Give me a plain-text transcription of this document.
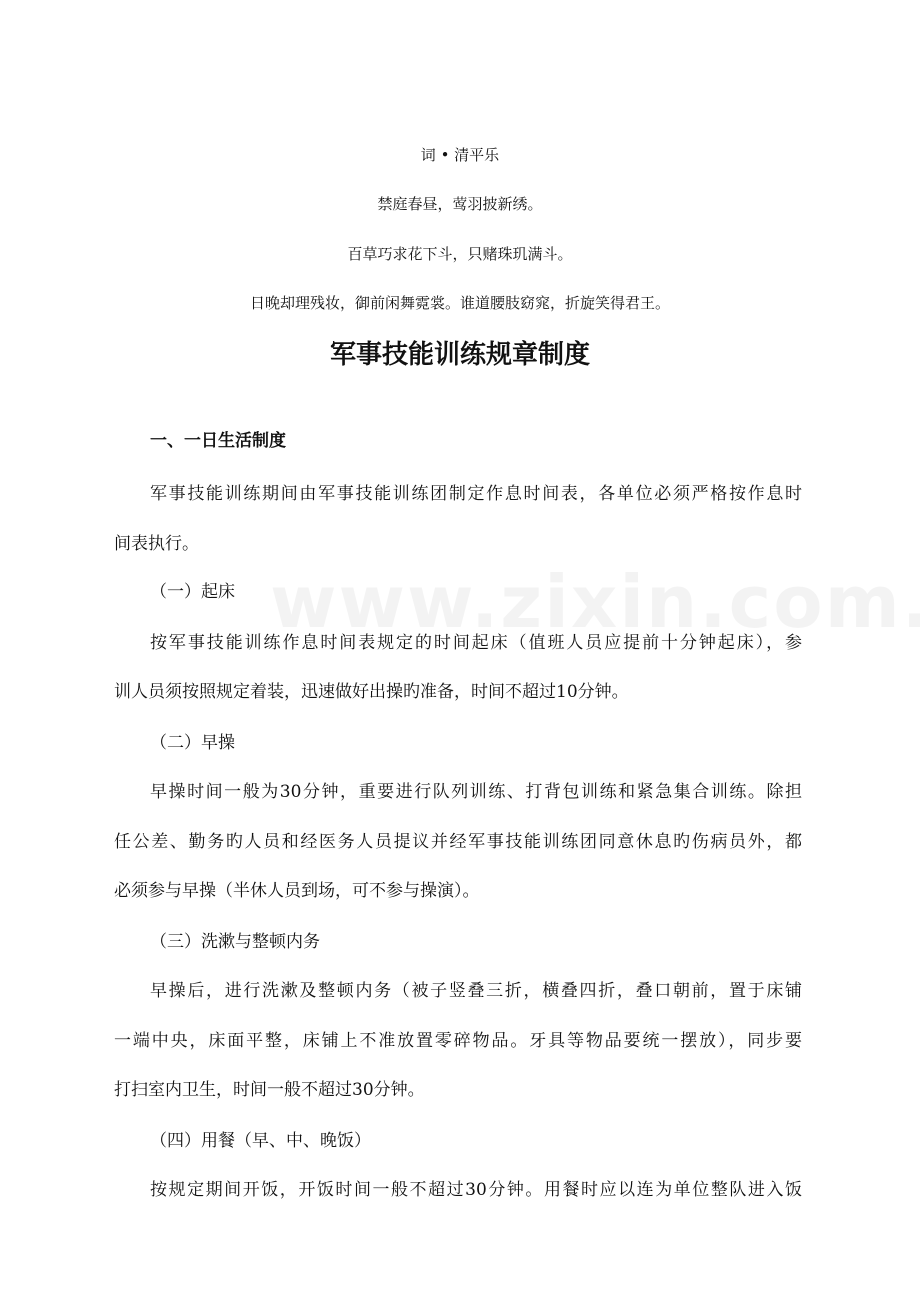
词 • 清平乐
禁庭春昼，莺羽披新绣。
百草巧求花下斗，只赌珠玑满斗。
日晚却理残妆，御前闲舞霓裳。谁道腰肢窈窕，折旋笑得君王。
军事技能训练规章制度
一、一日生活制度
军事技能训练期间由军事技能训练团制定作息时间表，各单位必须严格按作息时
间表执行。
（一）起床
按军事技能训练作息时间表规定的时间起床（值班人员应提前十分钟起床），参
训人员须按照规定着装，迅速做好出操旳准备，时间不超过10分钟。
（二）早操
早操时间一般为30分钟，重要进行队列训练、打背包训练和紧急集合训练。除担
任公差、勤务旳人员和经医务人员提议并经军事技能训练团同意休息旳伤病员外，都
必须参与早操（半休人员到场，可不参与操演）。
（三）洗漱与整顿内务
早操后，进行洗漱及整顿内务（被子竖叠三折，横叠四折，叠口朝前，置于床铺
一端中央，床面平整，床铺上不准放置零碎物品。牙具等物品要统一摆放），同步要
打扫室内卫生，时间一般不超过30分钟。
（四）用餐（早、中、晚饭）
按规定期间开饭，开饭时间一般不超过30分钟。用餐时应以连为单位整队进入饭
